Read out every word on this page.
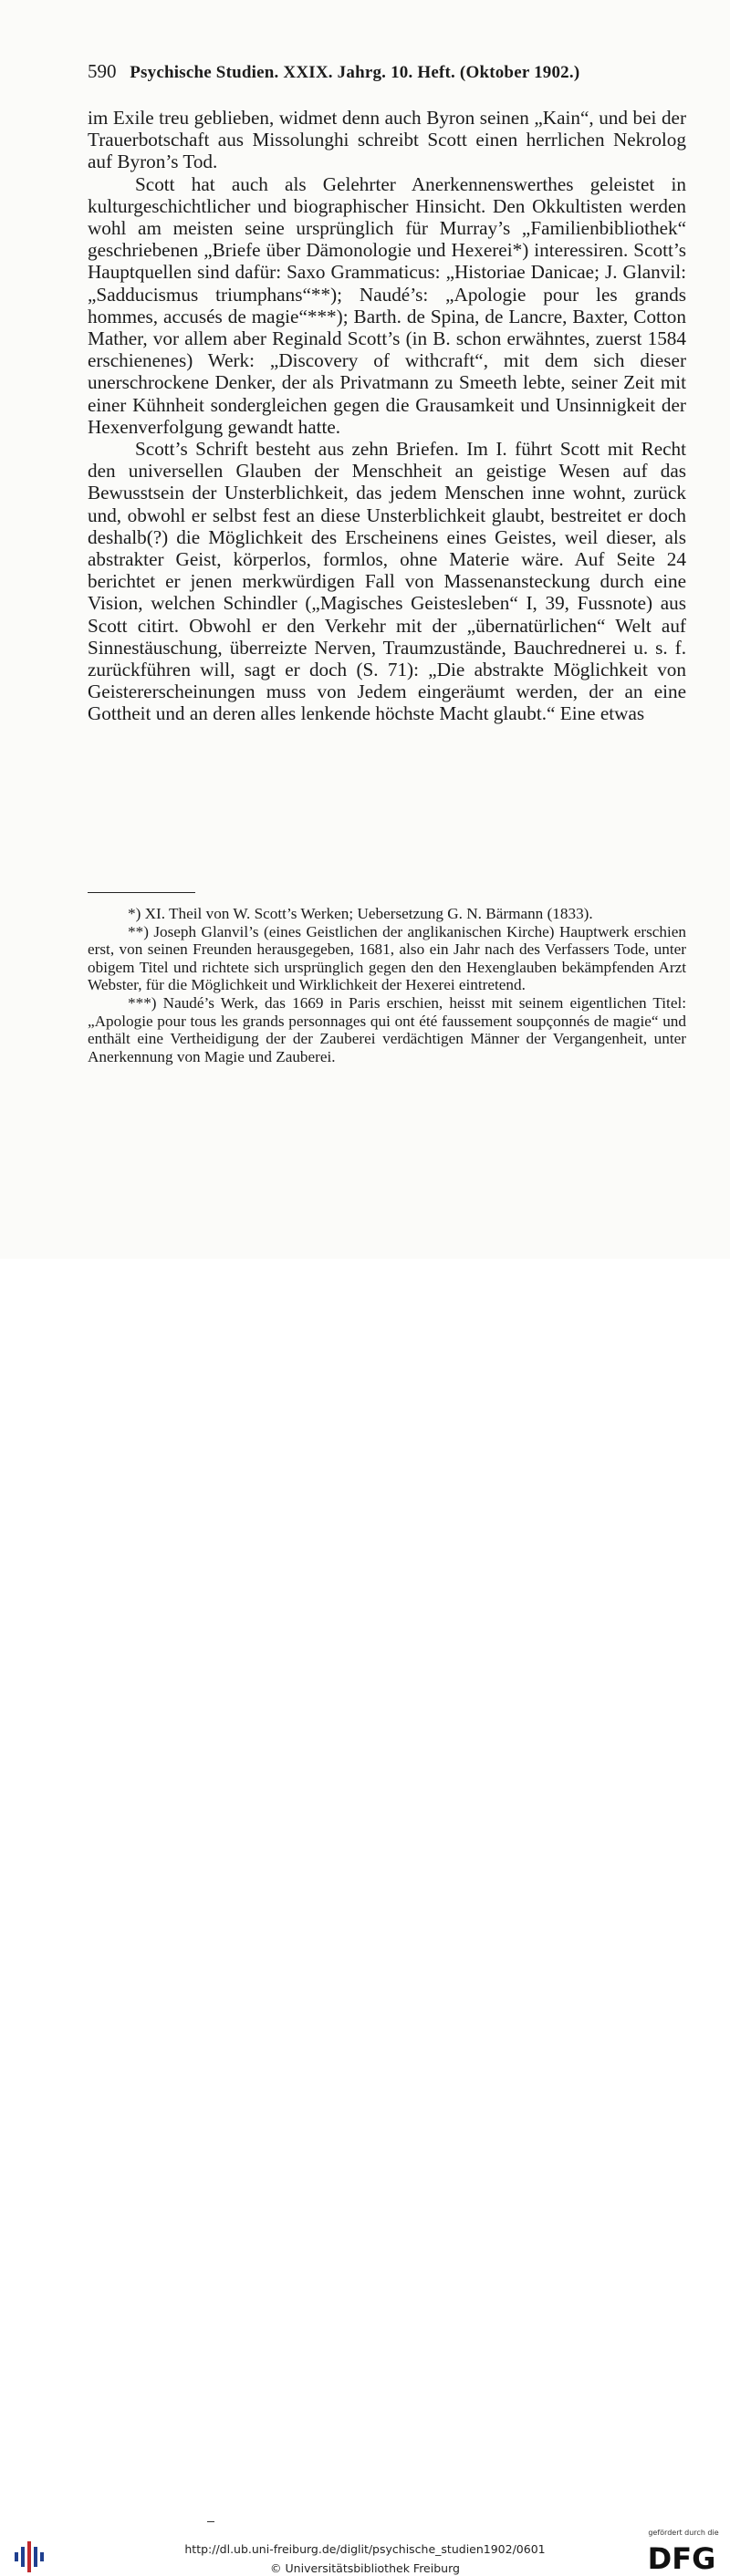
590 Psychische Studien. XXIX. Jahrg. 10. Heft. (Oktober 1902.)

im Exile treu geblieben, widmet denn auch Byron seinen „Kain“, und bei der Trauerbotschaft aus Missolunghi schreibt Scott einen herrlichen Nekrolog auf Byron’s Tod.

Scott hat auch als Gelehrter Anerkennenswerthes geleistet in kulturgeschichtlicher und biographischer Hinsicht. Den Okkultisten werden wohl am meisten seine ursprünglich für Murray’s „Familienbibliothek“ geschriebenen „Briefe über Dämonologie und Hexerei*) interessiren. Scott’s Hauptquellen sind dafür: Saxo Grammaticus: „Historiae Danicae; J. Glanvil: „Sadducismus triumphans“**); Naudé’s: „Apologie pour les grands hommes, accusés de magie“***); Barth. de Spina, de Lancre, Baxter, Cotton Mather, vor allem aber Reginald Scott’s (in B. schon erwähntes, zuerst 1584 erschienenes) Werk: „Discovery of withcraft“, mit dem sich dieser unerschrockene Denker, der als Privatmann zu Smeeth lebte, seiner Zeit mit einer Kühnheit sondergleichen gegen die Grausamkeit und Unsinnigkeit der Hexenverfolgung gewandt hatte.

Scott’s Schrift besteht aus zehn Briefen. Im I. führt Scott mit Recht den universellen Glauben der Menschheit an geistige Wesen auf das Bewusstsein der Unsterblichkeit, das jedem Menschen inne wohnt, zurück und, obwohl er selbst fest an diese Unsterblichkeit glaubt, bestreitet er doch deshalb(?) die Möglichkeit des Erscheinens eines Geistes, weil dieser, als abstrakter Geist, körperlos, formlos, ohne Materie wäre. Auf Seite 24 berichtet er jenen merkwürdigen Fall von Massenansteckung durch eine Vision, welchen Schindler („Magisches Geistesleben“ I, 39, Fussnote) aus Scott citirt. Obwohl er den Verkehr mit der „übernatürlichen“ Welt auf Sinnestäuschung, überreizte Nerven, Traumzustände, Bauchrednerei u. s. f. zurückführen will, sagt er doch (S. 71): „Die abstrakte Möglichkeit von Geistererscheinungen muss von Jedem eingeräumt werden, der an eine Gottheit und an deren alles lenkende höchste Macht glaubt.“ Eine etwas

*) XI. Theil von W. Scott’s Werken; Uebersetzung G. N. Bärmann (1833).

**) Joseph Glanvil’s (eines Geistlichen der anglikanischen Kirche) Hauptwerk erschien erst, von seinen Freunden herausgegeben, 1681, also ein Jahr nach des Verfassers Tode, unter obigem Titel und richtete sich ursprünglich gegen den den Hexenglauben bekämpfenden Arzt Webster, für die Möglichkeit und Wirklichkeit der Hexerei eintretend.

***) Naudé’s Werk, das 1669 in Paris erschien, heisst mit seinem eigentlichen Titel: „Apologie pour tous les grands personnages qui ont été faussement soupçonnés de magie“ und enthält eine Vertheidigung der der Zauberei verdächtigen Männer der Vergangenheit, unter Anerkennung von Magie und Zauberei.

http://dl.ub.uni-freiburg.de/diglit/psychische_studien1902/0601
© Universitätsbibliothek Freiburg
gefördert durch die
DFG
